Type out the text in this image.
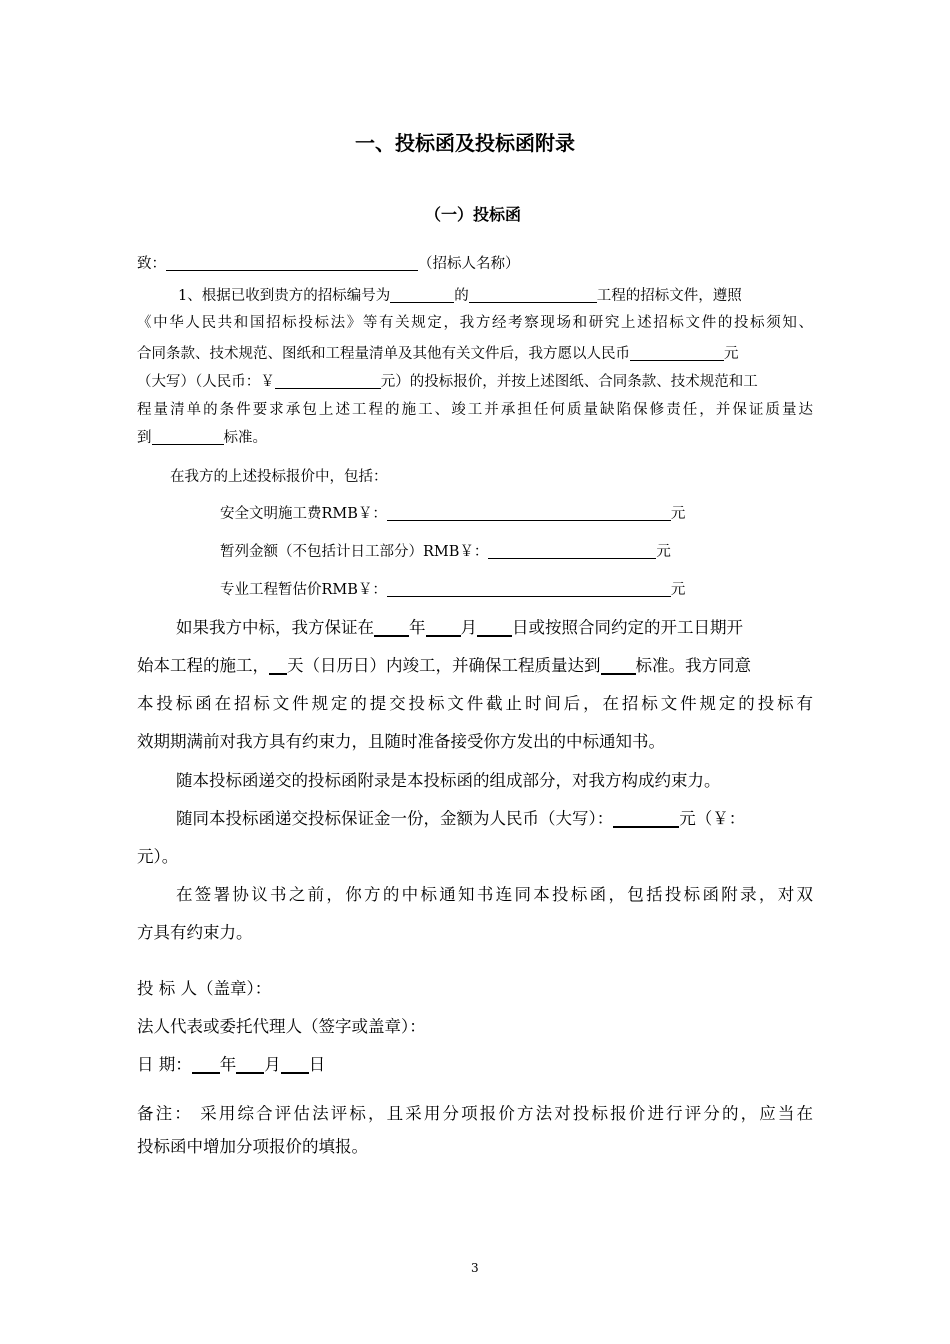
一、投标函及投标函附录
（一）投标函
致：	（招标人名称）
1、根据已收到贵方的招标编号为	的	工程的招标文件，遵照
《中华人民共和国招标投标法》等有关规定，我方经考察现场和研究上述招标文件的投标须知、
合同条款、技术规范、图纸和工程量清单及其他有关文件后，我方愿以人民币	元
（大写）（人民币：￥	元）的投标报价，并按上述图纸、合同条款、技术规范和工
程量清单的条件要求承包上述工程的施工、竣工并承担任何质量缺陷保修责任，并保证质量达
到	标准。
在我方的上述投标报价中，包括：
安全文明施工费RMB￥：	元
暂列金额（不包括计日工部分）RMB￥：	元
专业工程暂估价RMB￥：	元
如果我方中标，我方保证在 年 月 日或按照合同约定的开工日期开
始本工程的施工， 天（日历日）内竣工，并确保工程质量达到 标准。我方同意
本投标函在招标文件规定的提交投标文件截止时间后，在招标文件规定的投标有
效期期满前对我方具有约束力，且随时准备接受你方发出的中标通知书。
随本投标函递交的投标函附录是本投标函的组成部分，对我方构成约束力。
随同本投标函递交投标保证金一份，金额为人民币（大写）：	元（￥：
元）。
在签署协议书之前，你方的中标通知书连同本投标函，包括投标函附录，对双
方具有约束力。
投 标 人（盖章）：
法人代表或委托代理人（签字或盖章）：
日 期： 年 月 日
备注： 采用综合评估法评标，且采用分项报价方法对投标报价进行评分的，应当在
投标函中增加分项报价的填报。
3
